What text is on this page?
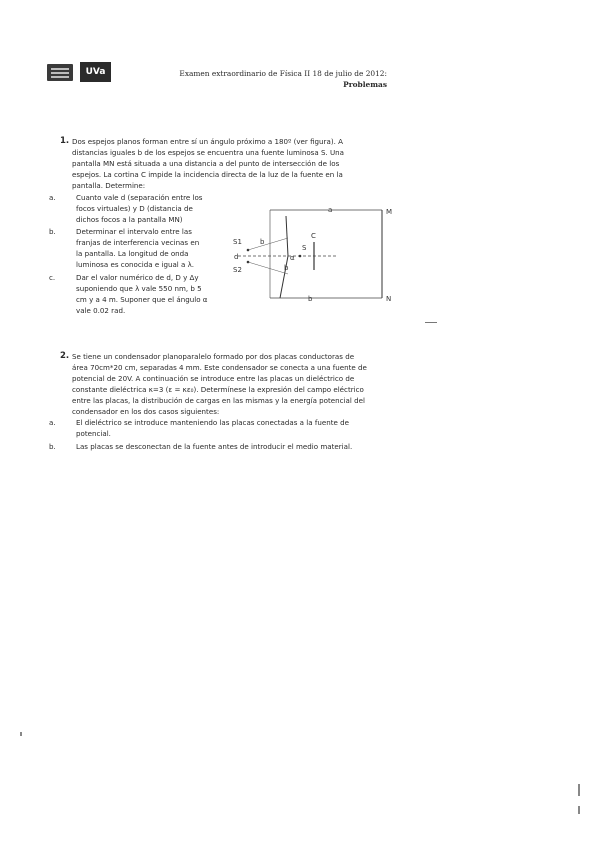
UVa	Examen extraordinario de Física II 18 de julio de 2012:
Problemas
1. Dos espejos planos forman entre sí un ángulo próximo a 180º (ver figura). A
distancias iguales b de los espejos se encuentra una fuente luminosa S. Una
pantalla MN está situada a una distancia a del punto de intersección de los
espejos. La cortina C impide la incidencia directa de la luz de la fuente en la
pantalla. Determine:
a.	Cuanto vale d (separación entre los
focos virtuales) y D (distancia de
dichos focos a la pantalla MN)
b.	Determinar el intervalo entre las
franjas de interferencia vecinas en
la pantalla. La longitud de onda
luminosa es conocida e igual a λ.
c.	Dar el valor numérico de d, D y Δy
suponiendo que λ vale 550 nm, b 5
cm y a 4 m. Suponer que el ángulo α
vale 0.02 rad.
a	M
b	N
S1
S2
S
d
b
b
α
C
2. Se tiene un condensador planoparalelo formado por dos placas conductoras de
área 70cm*20 cm, separadas 4 mm. Este condensador se conecta a una fuente de
potencial de 20V. A continuación se introduce entre las placas un dieléctrico de
constante dieléctrica κ=3 (ε = κε₀). Determínese la expresión del campo eléctrico
entre las placas, la distribución de cargas en las mismas y la energía potencial del
condensador en los dos casos siguientes:
a.	El dieléctrico se introduce manteniendo las placas conectadas a la fuente de
potencial.
b.	Las placas se desconectan de la fuente antes de introducir el medio material.
